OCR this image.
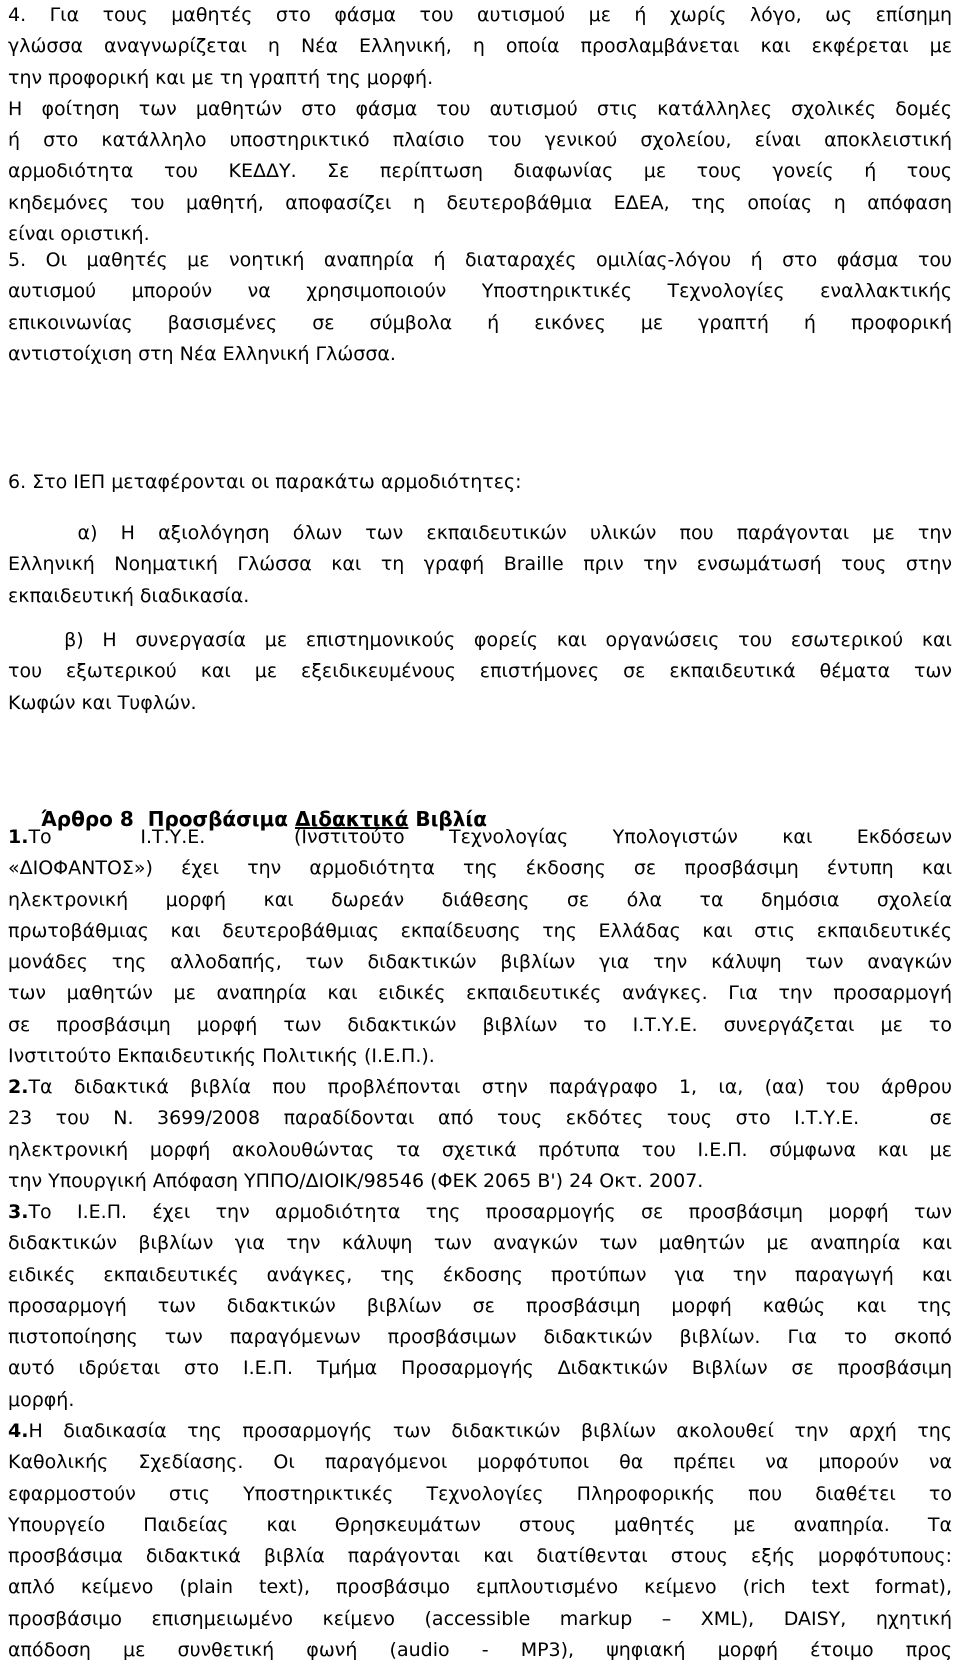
4. Για τους μαθητές στο φάσμα του αυτισμού με ή χωρίς λόγο, ως επίσημη
γλώσσα αναγνωρίζεται η Νέα Ελληνική, η οποία προσλαμβάνεται και εκφέρεται με
την προφορική και με τη γραπτή της μορφή.
Η φοίτηση των μαθητών στο φάσμα του αυτισμού στις κατάλληλες σχολικές δομές
ή στο κατάλληλο υποστηρικτικό πλαίσιο του γενικού σχολείου, είναι αποκλειστική
αρμοδιότητα του ΚΕΔΔΥ. Σε περίπτωση διαφωνίας με τους γονείς ή τους
κηδεμόνες του μαθητή, αποφασίζει η δευτεροβάθμια ΕΔΕΑ, της οποίας η απόφαση
είναι οριστική.
5. Οι μαθητές με νοητική αναπηρία ή διαταραχές ομιλίας-λόγου ή στο φάσμα του
αυτισμού μπορούν να χρησιμοποιούν Υποστηρικτικές Τεχνολογίες εναλλακτικής
επικοινωνίας βασισμένες σε σύμβολα ή εικόνες με γραπτή ή προφορική
αντιστοίχιση στη Νέα Ελληνική Γλώσσα.
6. Στο ΙΕΠ μεταφέρονται οι παρακάτω αρμοδιότητες:
α) Η αξιολόγηση όλων των εκπαιδευτικών υλικών που παράγονται με την
Ελληνική Νοηματική Γλώσσα και τη γραφή Braille πριν την ενσωμάτωσή τους στην
εκπαιδευτική διαδικασία.
β) Η συνεργασία με επιστημονικούς φορείς και οργανώσεις του εσωτερικού και
του εξωτερικού και με εξειδικευμένους επιστήμονες σε εκπαιδευτικά θέματα των
Κωφών και Τυφλών.

Άρθρο 8  Προσβάσιμα Διδακτικά Βιβλία

1.Το    Ι.Τ.Υ.Ε.    (Ινστιτούτο  Τεχνολογίας  Υπολογιστών  και  Εκδόσεων
«ΔΙΟΦΑΝΤΟΣ») έχει την αρμοδιότητα της έκδοσης σε προσβάσιμη έντυπη και
ηλεκτρονική μορφή και δωρεάν διάθεσης σε όλα τα δημόσια σχολεία
πρωτοβάθμιας και δευτεροβάθμιας εκπαίδευσης της Ελλάδας και στις εκπαιδευτικές
μονάδες της αλλοδαπής, των διδακτικών βιβλίων για την κάλυψη των αναγκών
των μαθητών με αναπηρία και ειδικές εκπαιδευτικές ανάγκες. Για την προσαρμογή
σε προσβάσιμη μορφή των διδακτικών βιβλίων το Ι.Τ.Υ.Ε. συνεργάζεται με το
Ινστιτούτο Εκπαιδευτικής Πολιτικής (Ι.Ε.Π.).
2.Τα διδακτικά βιβλία που προβλέπονται στην παράγραφο 1, ια, (αα) του άρθρου
23 του Ν. 3699/2008 παραδίδονται από τους εκδότες τους στο Ι.Τ.Υ.Ε.   σε
ηλεκτρονική μορφή ακολουθώντας τα σχετικά πρότυπα του Ι.Ε.Π. σύμφωνα και με
την Υπουργική Απόφαση ΥΠΠΟ/ΔΙΟΙΚ/98546 (ΦΕΚ 2065 Β') 24 Οκτ. 2007.
3.Το Ι.Ε.Π. έχει την αρμοδιότητα της προσαρμογής σε προσβάσιμη μορφή των
διδακτικών βιβλίων για την κάλυψη των αναγκών των μαθητών με αναπηρία και
ειδικές εκπαιδευτικές ανάγκες, της έκδοσης προτύπων για την παραγωγή και
προσαρμογή των διδακτικών βιβλίων σε προσβάσιμη μορφή καθώς και της
πιστοποίησης των παραγόμενων προσβάσιμων διδακτικών βιβλίων. Για το σκοπό
αυτό ιδρύεται στο Ι.Ε.Π. Τμήμα Προσαρμογής Διδακτικών Βιβλίων σε προσβάσιμη
μορφή.
4.Η διαδικασία της προσαρμογής των διδακτικών βιβλίων ακολουθεί την αρχή της
Καθολικής Σχεδίασης. Οι παραγόμενοι μορφότυποι θα πρέπει να μπορούν να
εφαρμοστούν στις Υποστηρικτικές Τεχνολογίες Πληροφορικής που διαθέτει το
Υπουργείο Παιδείας και Θρησκευμάτων στους μαθητές με αναπηρία. Τα
προσβάσιμα διδακτικά βιβλία παράγονται και διατίθενται στους εξής μορφότυπους:
απλό κείμενο (plain text), προσβάσιμο εμπλουτισμένο κείμενο (rich text format),
προσβάσιμο επισημειωμένο κείμενο (accessible markup – XML), DAISY, ηχητική
απόδοση με συνθετική φωνή (audio - MP3), ψηφιακή μορφή έτοιμο προς
